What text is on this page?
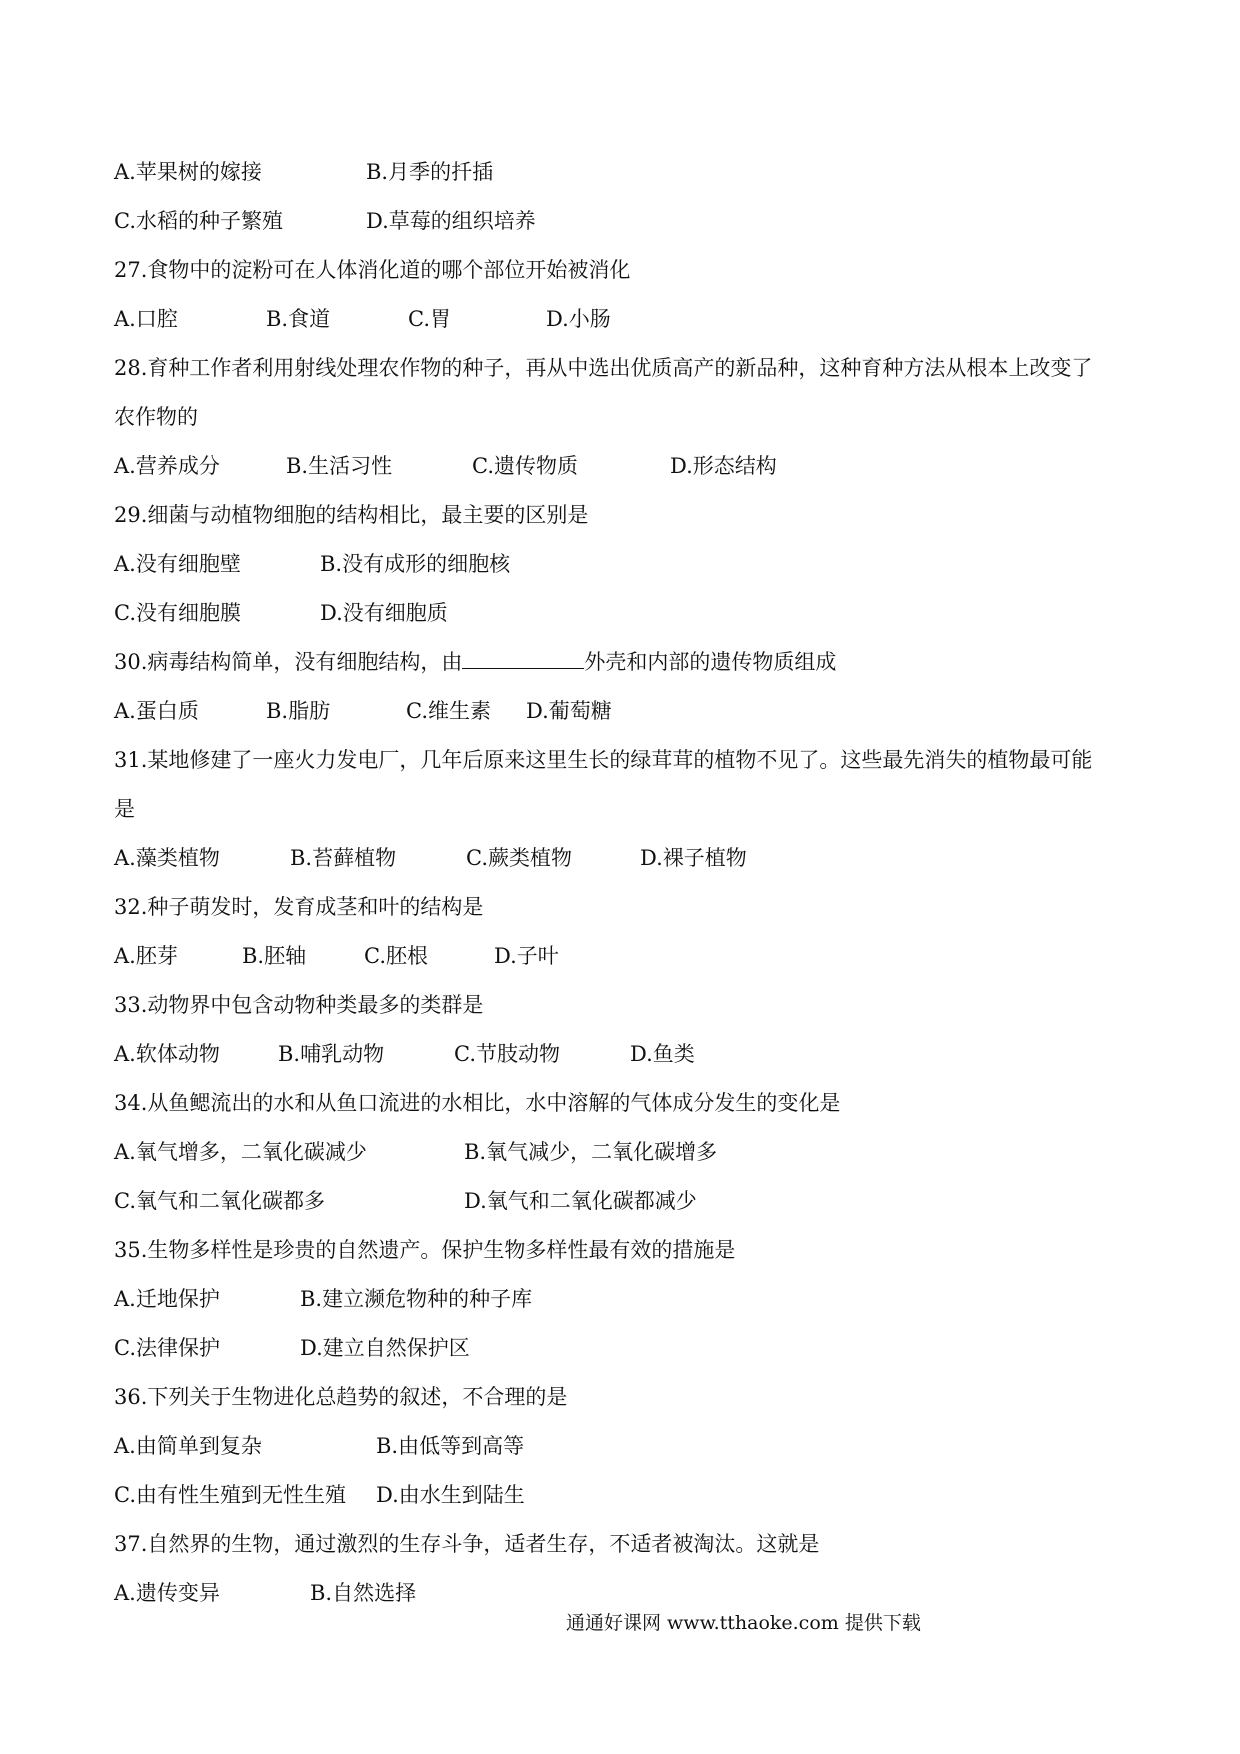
A.苹果树的嫁接	B.月季的扦插
C.水稻的种子繁殖	D.草莓的组织培养
27.食物中的淀粉可在人体消化道的哪个部位开始被消化
A.口腔	B.食道	C.胃	D.小肠
28.育种工作者利用射线处理农作物的种子，再从中选出优质高产的新品种，这种育种方法从根本上改变了
农作物的
A.营养成分	B.生活习性	C.遗传物质	D.形态结构
29.细菌与动植物细胞的结构相比，最主要的区别是
A.没有细胞壁	B.没有成形的细胞核
C.没有细胞膜	D.没有细胞质
30.病毒结构简单，没有细胞结构，由	外壳和内部的遗传物质组成
A.蛋白质	B.脂肪	C.维生素 D.葡萄糖
31.某地修建了一座火力发电厂，几年后原来这里生长的绿茸茸的植物不见了。这些最先消失的植物最可能
是
A.藻类植物	B.苔藓植物	C.蕨类植物	D.裸子植物
32.种子萌发时，发育成茎和叶的结构是
A.胚芽	B.胚轴	C.胚根	D.子叶
33.动物界中包含动物种类最多的类群是
A.软体动物	B.哺乳动物	C.节肢动物	D.鱼类
34.从鱼鳃流出的水和从鱼口流进的水相比，水中溶解的气体成分发生的变化是
A.氧气增多，二氧化碳减少	B.氧气减少，二氧化碳增多
C.氧气和二氧化碳都多	D.氧气和二氧化碳都减少
35.生物多样性是珍贵的自然遗产。保护生物多样性最有效的措施是
A.迁地保护	B.建立濒危物种的种子库
C.法律保护	D.建立自然保护区
36.下列关于生物进化总趋势的叙述，不合理的是
A.由简单到复杂	B.由低等到高等
C.由有性生殖到无性生殖 D.由水生到陆生
37.自然界的生物，通过激烈的生存斗争，适者生存，不适者被淘汰。这就是
A.遗传变异	B.自然选择
通通好课网 www.tthaoke.com 提供下载
